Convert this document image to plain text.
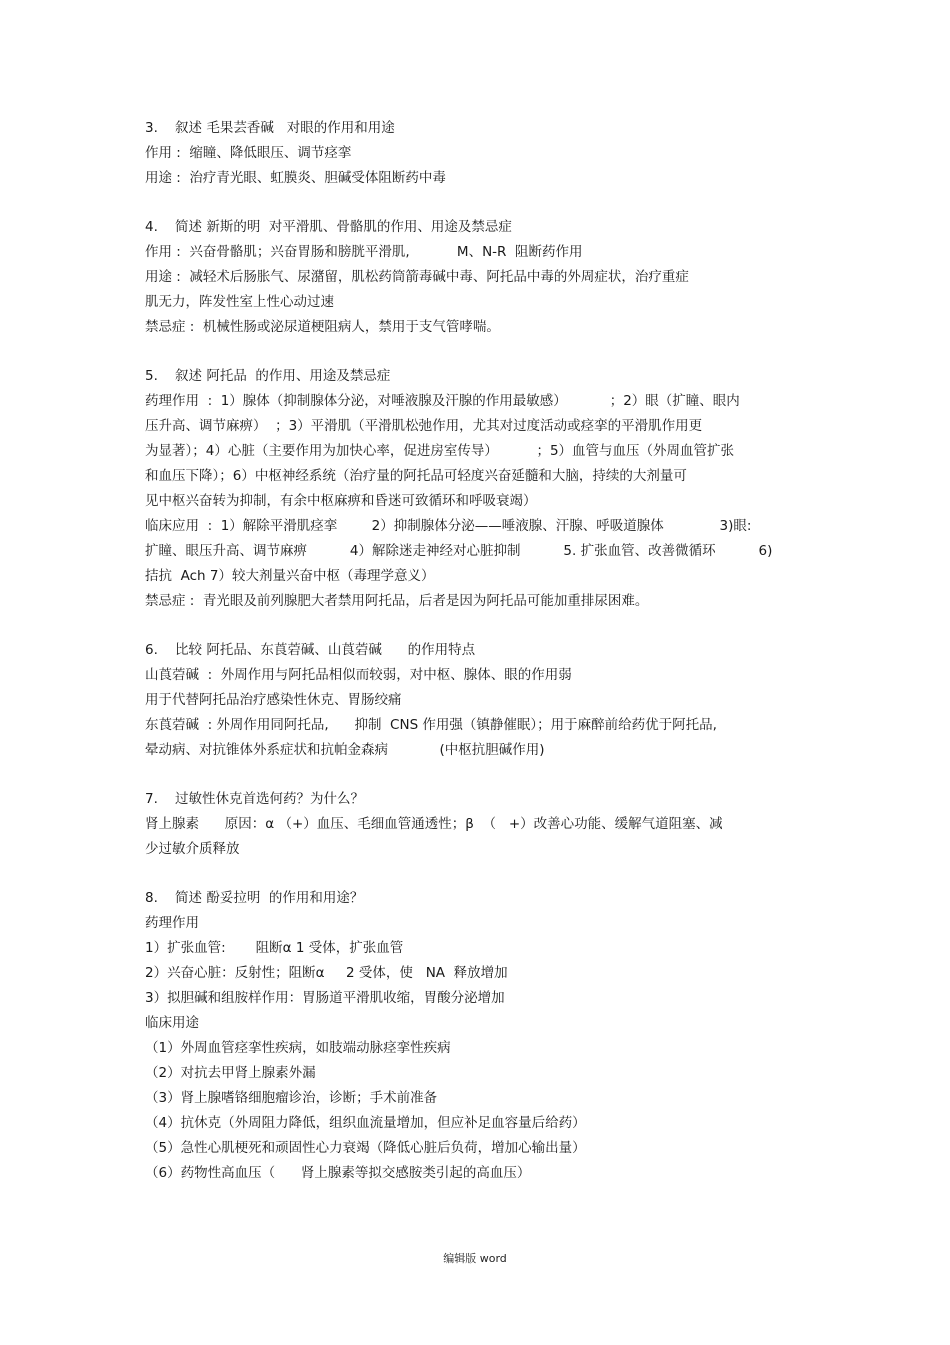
3.    叙述 毛果芸香碱   对眼的作用和用途
作用 :  缩瞳、降低眼压、调节痉挛
用途 :  治疗青光眼、虹膜炎、胆碱受体阻断药中毒
4.    简述 新斯的明  对平滑肌、骨骼肌的作用、用途及禁忌症
作用 :  兴奋骨骼肌；兴奋胃肠和膀胱平滑肌,           M、N-R  阻断药作用
用途 :  减轻术后肠胀气、尿潴留，肌松药筒箭毒碱中毒、阿托品中毒的外周症状，治疗重症
肌无力，阵发性室上性心动过速
禁忌症 :  机械性肠或泌尿道梗阻病人，禁用于支气管哮喘。
5.    叙述 阿托品  的作用、用途及禁忌症
药理作用  :  1）腺体（抑制腺体分泌，对唾液腺及汗腺的作用最敏感）          ；2）眼（扩瞳、眼内
压升高、调节麻痹）  ；3）平滑肌（平滑肌松弛作用，尤其对过度活动或痉挛的平滑肌作用更
为显著）；4）心脏（主要作用为加快心率，促进房室传导）         ；5）血管与血压（外周血管扩张
和血压下降）；6）中枢神经系统（治疗量的阿托品可轻度兴奋延髓和大脑，持续的大剂量可
见中枢兴奋转为抑制，有余中枢麻痹和昏迷可致循环和呼吸衰竭）
临床应用  :  1）解除平滑肌痉挛        2）抑制腺体分泌——唾液腺、汗腺、呼吸道腺体             3)眼:
扩瞳、眼压升高、调节麻痹          4）解除迷走神经对心脏抑制          5. 扩张血管、改善微循环          6)
拮抗  Ach 7）较大剂量兴奋中枢（毒理学意义）
禁忌症 :  青光眼及前列腺肥大者禁用阿托品，后者是因为阿托品可能加重排尿困难。
6.    比较 阿托品、东莨菪碱、山莨菪碱      的作用特点
山莨菪碱  :  外周作用与阿托品相似而较弱，对中枢、腺体、眼的作用弱
用于代替阿托品治疗感染性休克、胃肠绞痛
东莨菪碱  : 外周作用同阿托品,      抑制  CNS 作用强（镇静催眠）；用于麻醉前给药优于阿托品,
晕动病、对抗锥体外系症状和抗帕金森病            (中枢抗胆碱作用)
7.    过敏性休克首选何药？为什么？
肾上腺素      原因：α （+）血压、毛细血管通透性；β  （   +）改善心功能、缓解气道阻塞、减
少过敏介质释放
8.    简述 酚妥拉明  的作用和用途？
药理作用
1）扩张血管:       阻断α 1 受体，扩张血管
2）兴奋心脏：反射性；阻断α     2 受体，使   NA  释放增加
3）拟胆碱和组胺样作用：胃肠道平滑肌收缩，胃酸分泌增加
临床用途
（1）外周血管痉挛性疾病，如肢端动脉痉挛性疾病
（2）对抗去甲肾上腺素外漏
（3）肾上腺嗜铬细胞瘤诊治，诊断；手术前准备
（4）抗休克（外周阻力降低，组织血流量增加，但应补足血容量后给药）
（5）急性心肌梗死和顽固性心力衰竭（降低心脏后负荷，增加心输出量）
（6）药物性高血压（      肾上腺素等拟交感胺类引起的高血压）
编辑版 word
